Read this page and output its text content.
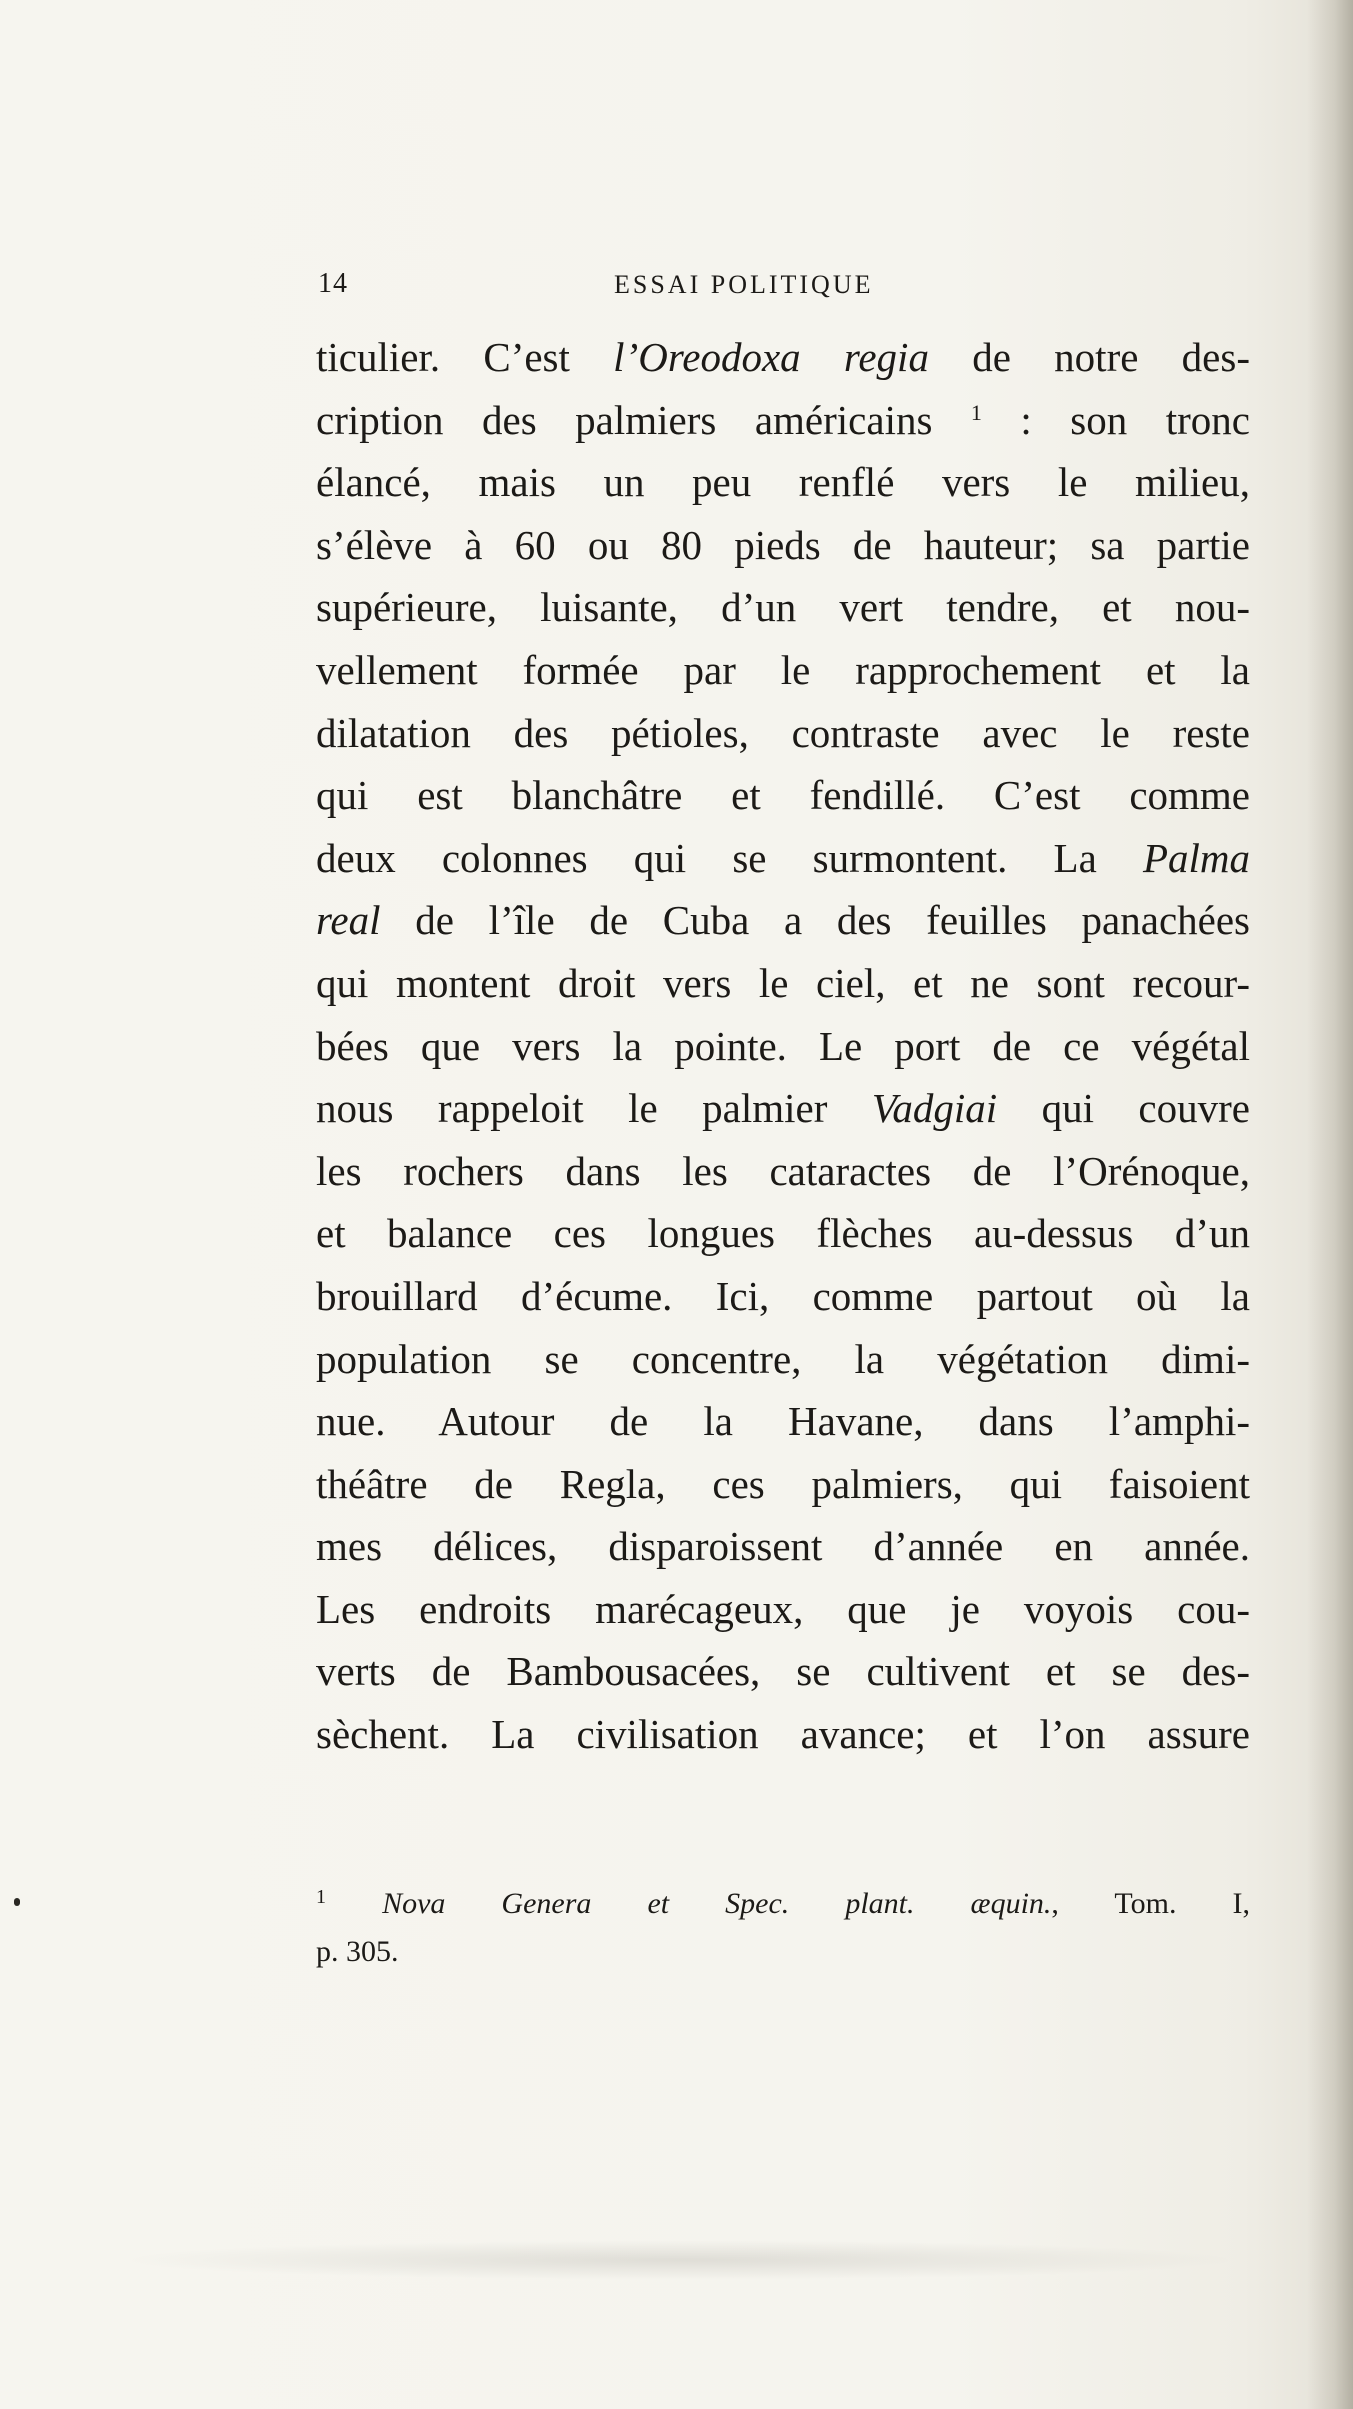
14	ESSAI POLITIQUE
ticulier. C’est l’Oreodoxa regia de notre des-
cription des palmiers américains $^1$ : son tronc
élancé, mais un peu renflé vers le milieu,
s’élève à 60 ou 80 pieds de hauteur; sa partie
supérieure, luisante, d’un vert tendre, et nou-
vellement formée par le rapprochement et la
dilatation des pétioles, contraste avec le reste
qui est blanchâtre et fendillé. C’est comme
deux colonnes qui se surmontent. La Palma
real de l’île de Cuba a des feuilles panachées
qui montent droit vers le ciel, et ne sont recour-
bées que vers la pointe. Le port de ce végétal
nous rappeloit le palmier Vadgiai qui couvre
les rochers dans les cataractes de l’Orénoque,
et balance ces longues flèches au-dessus d’un
brouillard d’écume. Ici, comme partout où la
population se concentre, la végétation dimi-
nue. Autour de la Havane, dans l’amphi-
théâtre de Regla, ces palmiers, qui faisoient
mes délices, disparoissent d’année en année.
Les endroits marécageux, que je voyois cou-
verts de Bambousacées, se cultivent et se des-
sèchent. La civilisation avance; et l’on assure
$^1$ Nova Genera et Spec. plant. æquin., Tom. I,
p. 305.
